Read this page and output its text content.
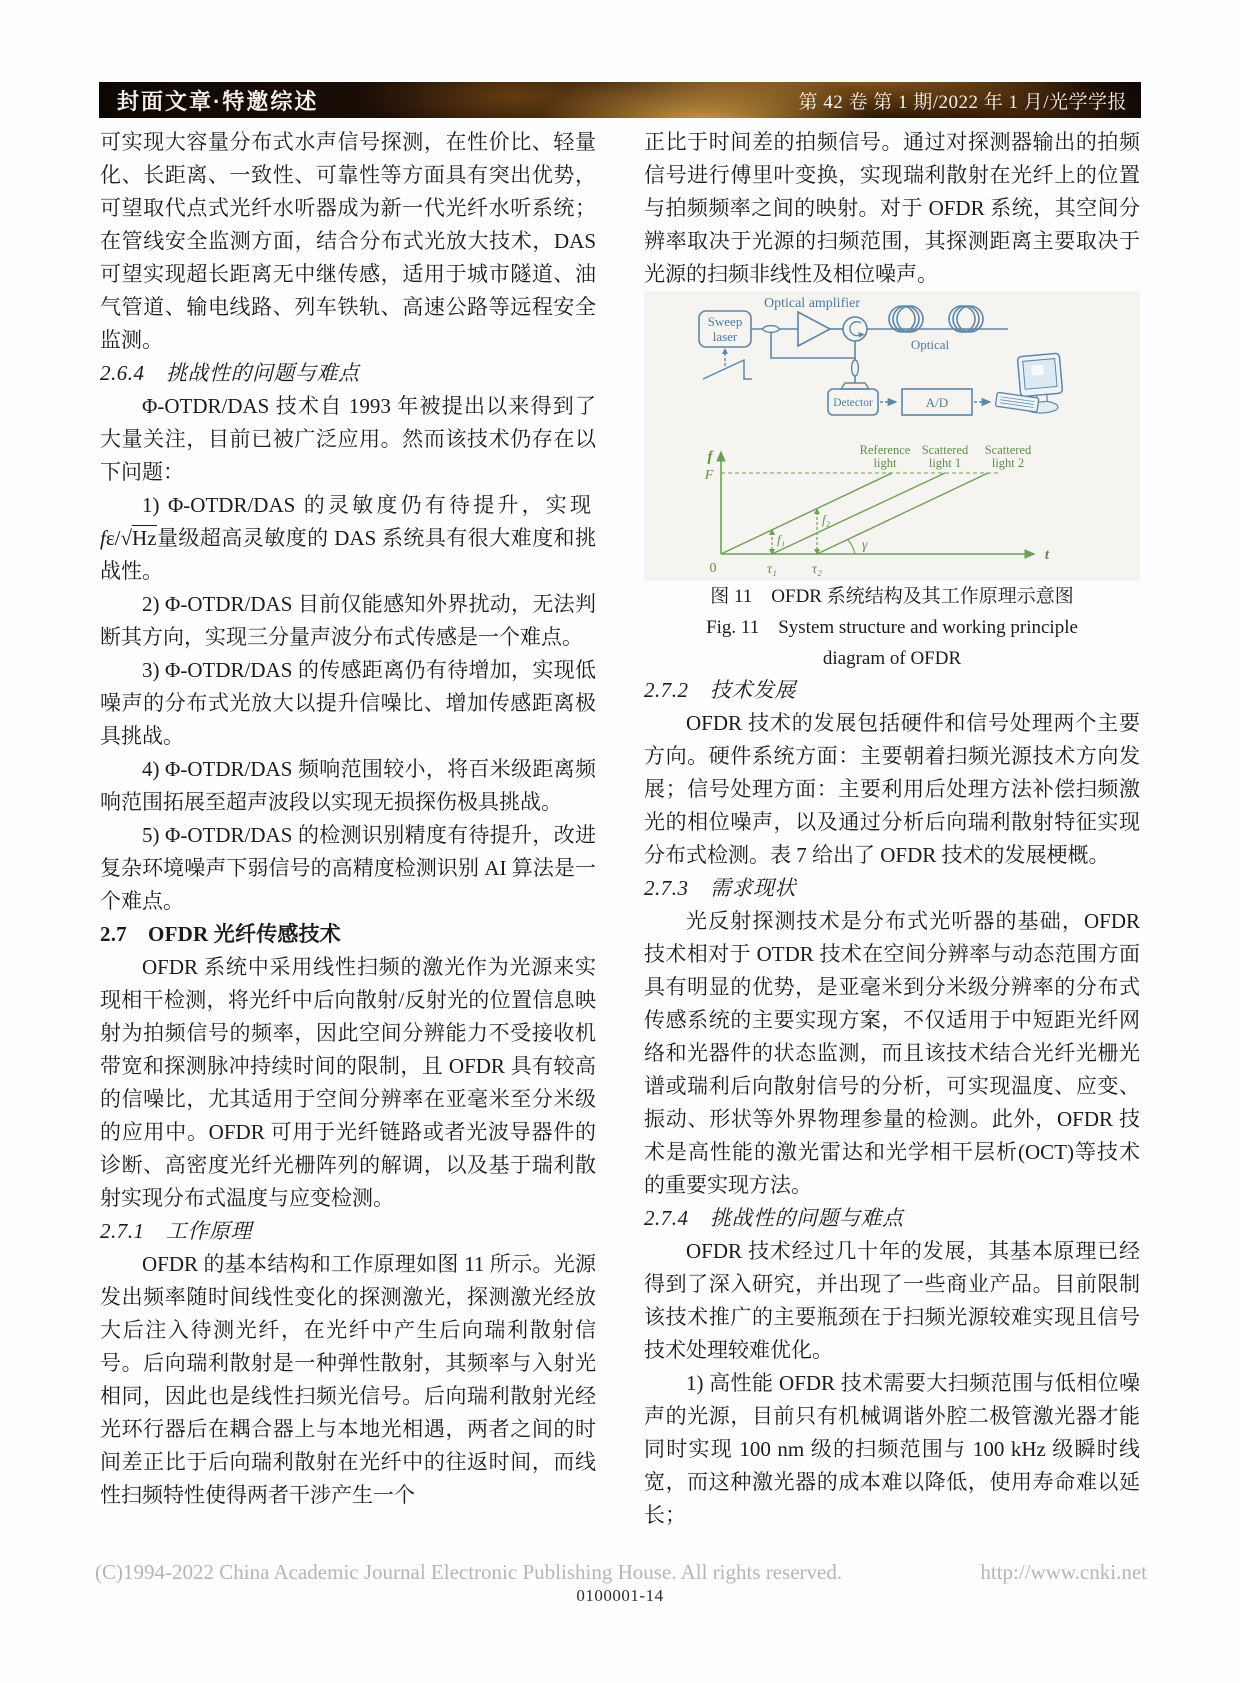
封面文章·特邀综述	第 42 卷 第 1 期/2022 年 1 月/光学学报

可实现大容量分布式水声信号探测，在性价比、轻量化、长距离、一致性、可靠性等方面具有突出优势，可望取代点式光纤水听器成为新一代光纤水听系统；在管线安全监测方面，结合分布式光放大技术，DAS 可望实现超长距离无中继传感，适用于城市隧道、油气管道、输电线路、列车铁轨、高速公路等远程安全监测。

2.6.4　挑战性的问题与难点

Φ-OTDR/DAS 技术自 1993 年被提出以来得到了大量关注，目前已被广泛应用。然而该技术仍存在以下问题：

1) Φ-OTDR/DAS 的灵敏度仍有待提升，实现 fε/√Hz量级超高灵敏度的 DAS 系统具有很大难度和挑战性。

2) Φ-OTDR/DAS 目前仅能感知外界扰动，无法判断其方向，实现三分量声波分布式传感是一个难点。

3) Φ-OTDR/DAS 的传感距离仍有待增加，实现低噪声的分布式光放大以提升信噪比、增加传感距离极具挑战。

4) Φ-OTDR/DAS 频响范围较小，将百米级距离频响范围拓展至超声波段以实现无损探伤极具挑战。

5) Φ-OTDR/DAS 的检测识别精度有待提升，改进复杂环境噪声下弱信号的高精度检测识别 AI 算法是一个难点。

2.7　OFDR 光纤传感技术

OFDR 系统中采用线性扫频的激光作为光源来实现相干检测，将光纤中后向散射/反射光的位置信息映射为拍频信号的频率，因此空间分辨能力不受接收机带宽和探测脉冲持续时间的限制，且 OFDR 具有较高的信噪比，尤其适用于空间分辨率在亚毫米至分米级的应用中。OFDR 可用于光纤链路或者光波导器件的诊断、高密度光纤光栅阵列的解调，以及基于瑞利散射实现分布式温度与应变检测。

2.7.1　工作原理

OFDR 的基本结构和工作原理如图 11 所示。光源发出频率随时间线性变化的探测激光，探测激光经放大后注入待测光纤，在光纤中产生后向瑞利散射信号。后向瑞利散射是一种弹性散射，其频率与入射光相同，因此也是线性扫频光信号。后向瑞利散射光经光环行器后在耦合器上与本地光相遇，两者之间的时间差正比于后向瑞利散射在光纤中的往返时间，而线性扫频特性使得两者干涉产生一个

正比于时间差的拍频信号。通过对探测器输出的拍频信号进行傅里叶变换，实现瑞利散射在光纤上的位置与拍频频率之间的映射。对于 OFDR 系统，其空间分辨率取决于光源的扫频范围，其探测距离主要取决于光源的扫频非线性及相位噪声。

Sweep
laser
Optical amplifier
Optical
Detector	A/D
f
F
t
0	τ₁	τ₂
f₁
f₂
γ
Reference
light
Scattered
light 1
Scattered
light 2

图 11　OFDR 系统结构及其工作原理示意图

Fig. 11　System structure and working principle

diagram of OFDR

2.7.2　技术发展

OFDR 技术的发展包括硬件和信号处理两个主要方向。硬件系统方面：主要朝着扫频光源技术方向发展；信号处理方面：主要利用后处理方法补偿扫频激光的相位噪声，以及通过分析后向瑞利散射特征实现分布式检测。表 7 给出了 OFDR 技术的发展梗概。

2.7.3　需求现状

光反射探测技术是分布式光听器的基础，OFDR 技术相对于 OTDR 技术在空间分辨率与动态范围方面具有明显的优势，是亚毫米到分米级分辨率的分布式传感系统的主要实现方案，不仅适用于中短距光纤网络和光器件的状态监测，而且该技术结合光纤光栅光谱或瑞利后向散射信号的分析，可实现温度、应变、振动、形状等外界物理参量的检测。此外，OFDR 技术是高性能的激光雷达和光学相干层析(OCT)等技术的重要实现方法。

2.7.4　挑战性的问题与难点

OFDR 技术经过几十年的发展，其基本原理已经得到了深入研究，并出现了一些商业产品。目前限制该技术推广的主要瓶颈在于扫频光源较难实现且信号技术处理较难优化。

1) 高性能 OFDR 技术需要大扫频范围与低相位噪声的光源，目前只有机械调谐外腔二极管激光器才能同时实现 100 nm 级的扫频范围与 100 kHz 级瞬时线宽，而这种激光器的成本难以降低，使用寿命难以延长；

(C)1994-2022 China Academic Journal Electronic Publishing House. All rights reserved.	http://www.cnki.net
0100001-14
